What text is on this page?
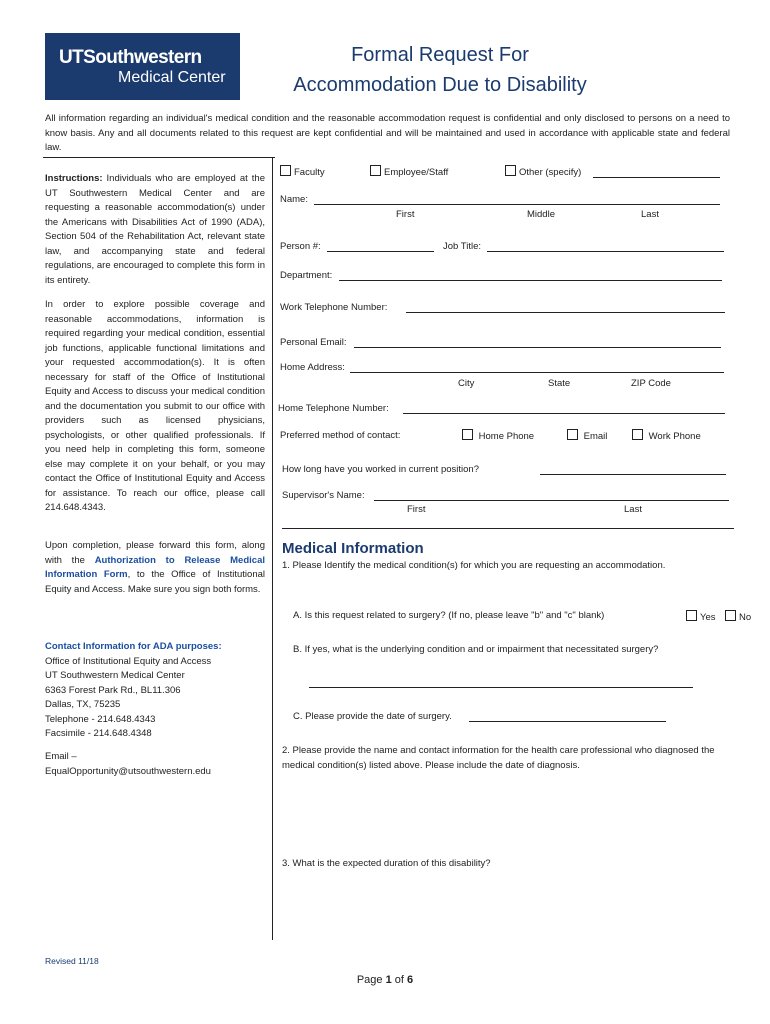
UTSouthwestern
Medical Center
Formal Request For
Accommodation Due to Disability
All information regarding an individual's medical condition and the reasonable accommodation request is confidential and only disclosed to persons on a need to know basis. Any and all documents related to this request are kept confidential and will be maintained and used in accordance with applicable state and federal law.
Instructions: Individuals who are employed at the UT Southwestern Medical Center and are requesting a reasonable accommodation(s) under the Americans with Disabilities Act of 1990 (ADA), Section 504 of the Rehabilitation Act, relevant state law, and accompanying state and federal regulations, are encouraged to complete this form in its entirety.
In order to explore possible coverage and reasonable accommodations, information is required regarding your medical condition, essential job functions, applicable functional limitations and your requested accommodation(s). It is often necessary for staff of the Office of Institutional Equity and Access to discuss your medical condition and the documentation you submit to our office with providers such as licensed physicians, psychologists, or other qualified professionals. If you need help in completing this form, someone else may complete it on your behalf, or you may contact the Office of Institutional Equity and Access for assistance. To reach our office, please call 214.648.4343.
Upon completion, please forward this form, along with the Authorization to Release Medical Information Form, to the Office of Institutional Equity and Access. Make sure you sign both forms.
Contact Information for ADA purposes:
Office of Institutional Equity and Access
UT Southwestern Medical Center
6363 Forest Park Rd., BL11.306
Dallas, TX, 75235
Telephone - 214.648.4343
Facsimile - 214.648.4348
Email –
EqualOpportunity@utsouthwestern.edu
Faculty	Employee/Staff	Other (specify)
Name:
First	Middle	Last
Person #:	Job Title:
Department:
Work Telephone Number:
Personal Email:
Home Address:
City	State	ZIP Code
Home Telephone Number:
Preferred method of contact:	Home Phone	Email	Work Phone
How long have you worked in current position?
Supervisor's Name:
First	Last
Medical Information
1. Please Identify the medical condition(s) for which you are requesting an accommodation.
A. Is this request related to surgery? (If no, please leave "b" and "c" blank)	Yes	No
B. If yes, what is the underlying condition and or impairment that necessitated surgery?
C. Please provide the date of surgery.
2. Please provide the name and contact information for the health care professional who diagnosed the medical condition(s) listed above. Please include the date of diagnosis.
3. What is the expected duration of this disability?
Revised 11/18
Page 1 of 6
